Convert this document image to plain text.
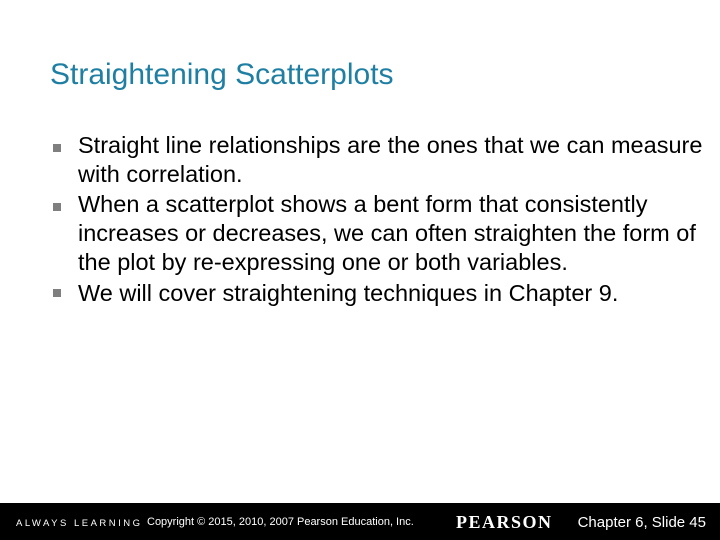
Straightening Scatterplots
Straight line relationships are the ones that we can measure with correlation.
When a scatterplot shows a bent form that consistently increases or decreases, we can often straighten the form of the plot by re-expressing one or both variables.
We will cover straightening techniques in Chapter 9.
ALWAYS LEARNING Copyright © 2015, 2010, 2007 Pearson Education, Inc. PEARSON Chapter 6, Slide 45
